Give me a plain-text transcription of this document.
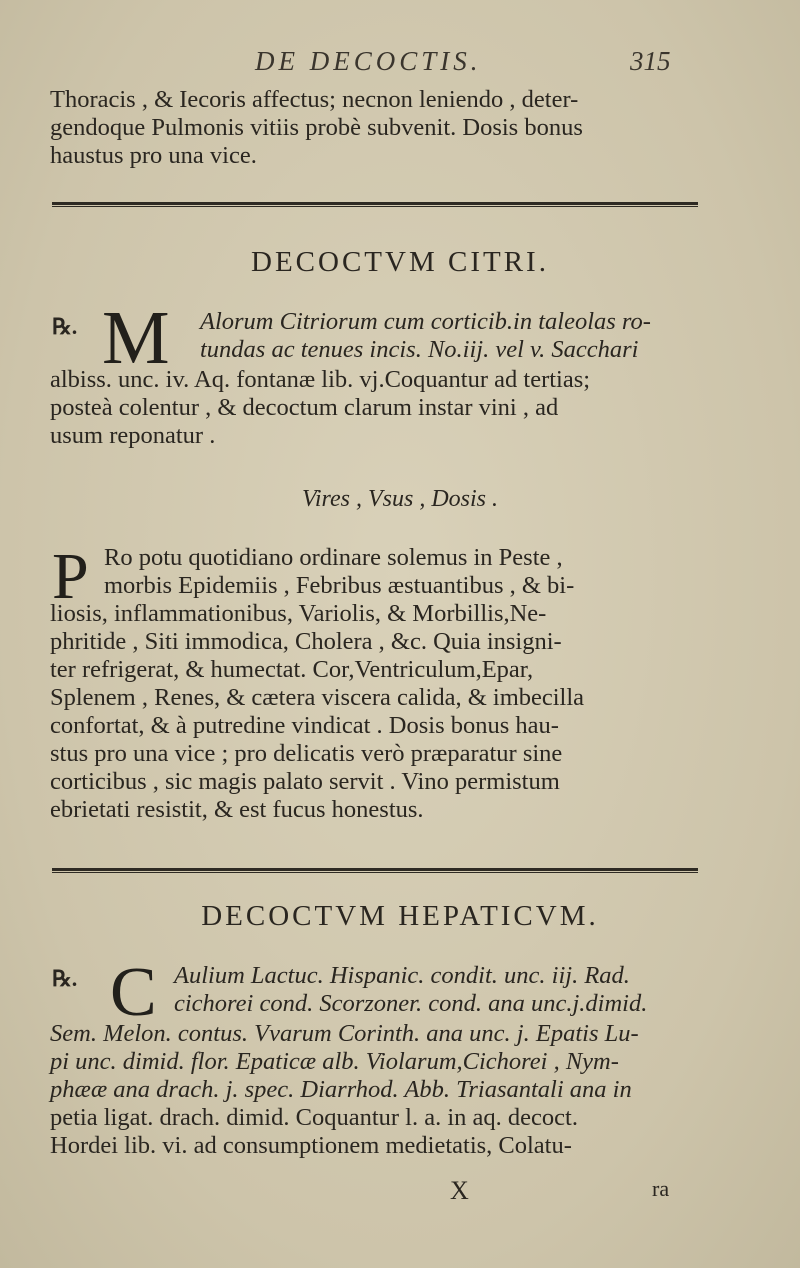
DE DECOCTIS.	315
Thoracis , & Iecoris affectus; necnon leniendo , deter-
gendoque Pulmonis vitiis probè subvenit. Dosis bonus
haustus pro una vice.
DECOCTVM CITRI.
℞. M Alorum Citriorum cum corticib.in taleolas ro-
tundas ac tenues incis. No.iij. vel v. Sacchari
albiss. unc. iv. Aq. fontanæ lib. vj.Coquantur ad tertias;
posteà colentur , & decoctum clarum instar vini , ad
usum reponatur .
Vires , Vsus , Dosis .
P Ro potu quotidiano ordinare solemus in Peste ,
morbis Epidemiis , Febribus æstuantibus , & bi-
liosis, inflammationibus, Variolis, & Morbillis,Ne-
phritide , Siti immodica, Cholera , &c. Quia insigni-
ter refrigerat, & humectat. Cor,Ventriculum,Epar,
Splenem , Renes, & cætera viscera calida, & imbecilla
confortat, & à putredine vindicat . Dosis bonus hau-
stus pro una vice ; pro delicatis verò præparatur sine
corticibus , sic magis palato servit . Vino permistum
ebrietati resistit, & est fucus honestus.
DECOCTVM HEPATICVM.
℞. C Aulium Lactuc. Hispanic. condit. unc. iij. Rad.
cichorei cond. Scorzoner. cond. ana unc.j.dimid.
Sem. Melon. contus. Vvarum Corinth. ana unc. j. Epatis Lu-
pi unc. dimid. flor. Epaticæ alb. Violarum,Cichorei , Nym-
phææ ana drach. j. spec. Diarrhod. Abb. Triasantali ana in
petia ligat. drach. dimid. Coquantur l. a. in aq. decoct.
Hordei lib. vi. ad consumptionem medietatis, Colatu-
X	ra
